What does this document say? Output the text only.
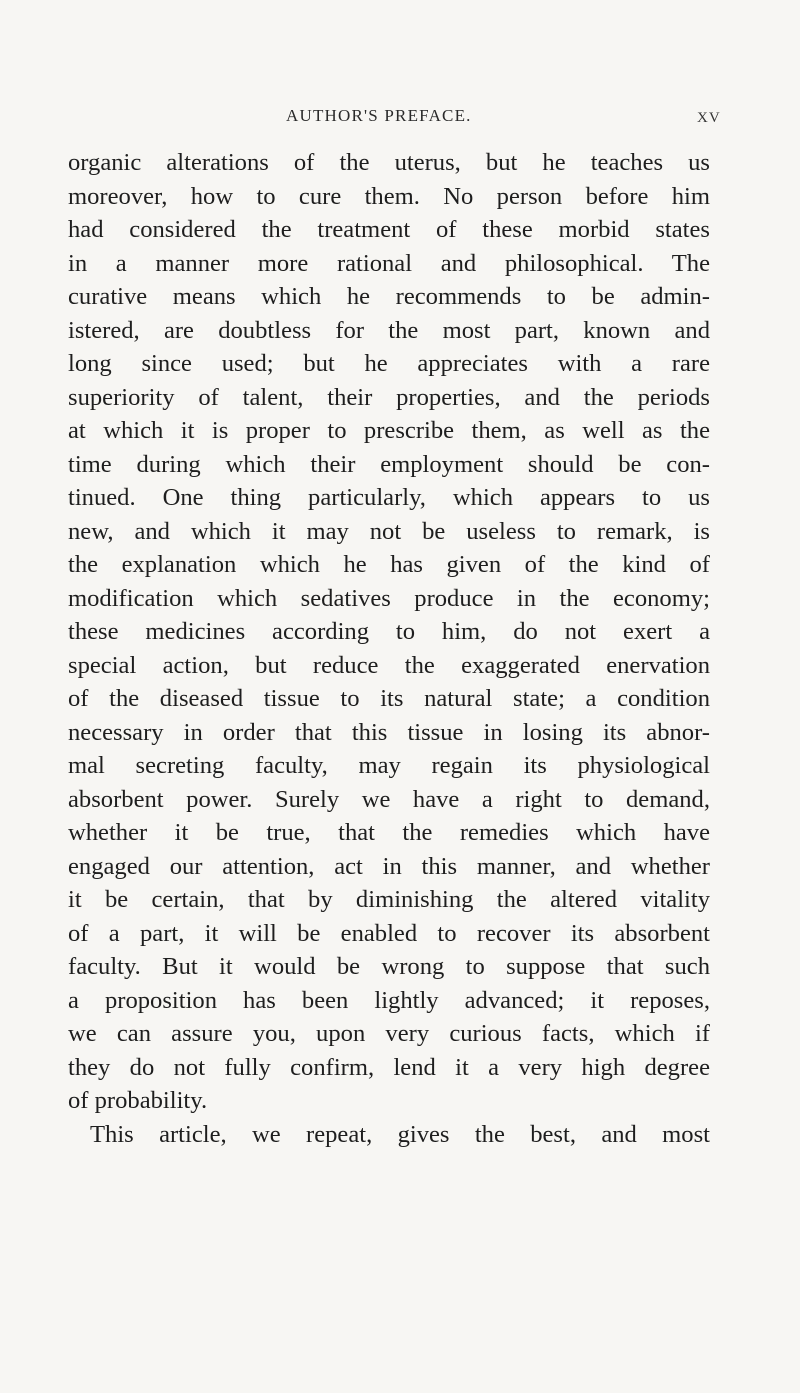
AUTHOR'S PREFACE.	XV
organic alterations of the uterus, but he teaches us
moreover, how to cure them. No person before him
had considered the treatment of these morbid states
in a manner more rational and philosophical. The
curative means which he recommends to be admin-
istered, are doubtless for the most part, known and
long since used; but he appreciates with a rare
superiority of talent, their properties, and the periods
at which it is proper to prescribe them, as well as the
time during which their employment should be con-
tinued. One thing particularly, which appears to us
new, and which it may not be useless to remark, is
the explanation which he has given of the kind of
modification which sedatives produce in the economy;
these medicines according to him, do not exert a
special action, but reduce the exaggerated enervation
of the diseased tissue to its natural state; a condition
necessary in order that this tissue in losing its abnor-
mal secreting faculty, may regain its physiological
absorbent power. Surely we have a right to demand,
whether it be true, that the remedies which have
engaged our attention, act in this manner, and whether
it be certain, that by diminishing the altered vitality
of a part, it will be enabled to recover its absorbent
faculty. But it would be wrong to suppose that such
a proposition has been lightly advanced; it reposes,
we can assure you, upon very curious facts, which if
they do not fully confirm, lend it a very high degree
of probability.
This article, we repeat, gives the best, and most
